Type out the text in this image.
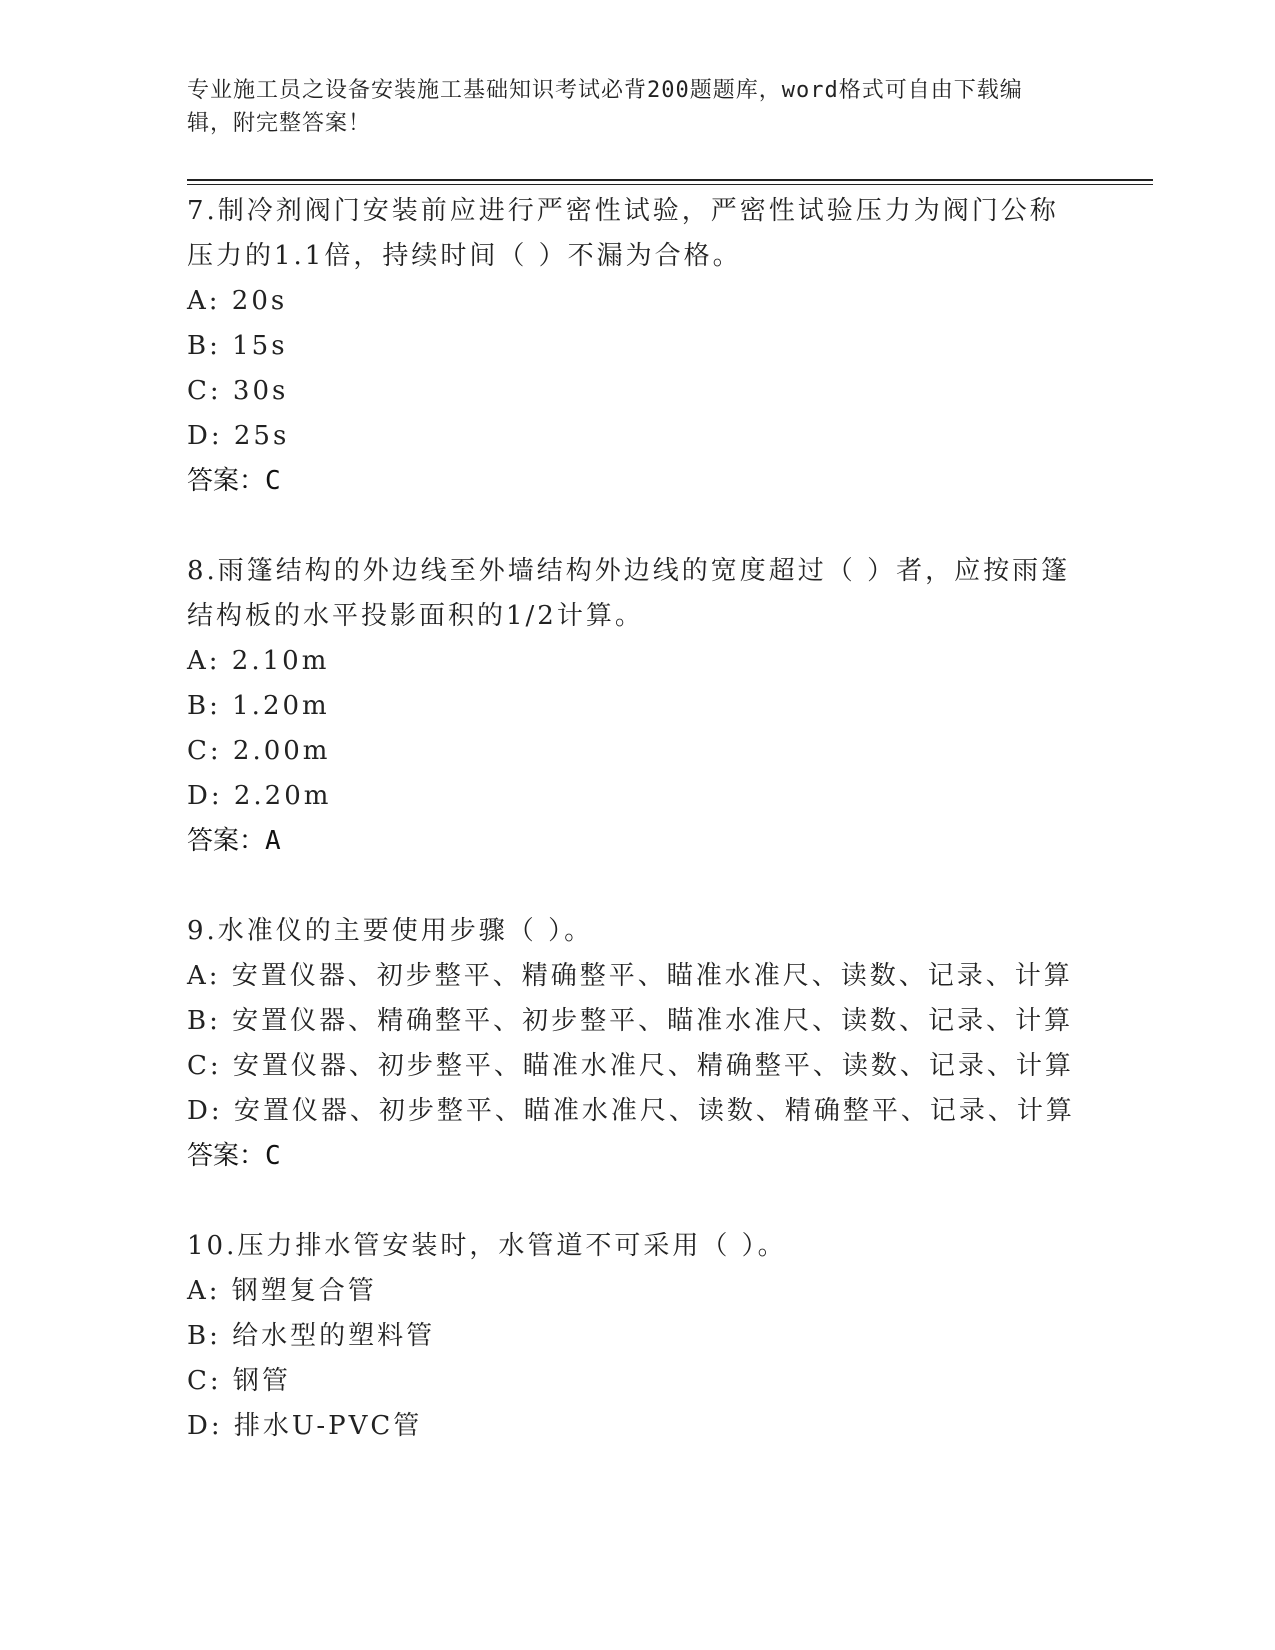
专业施工员之设备安装施工基础知识考试必背200题题库，word格式可自由下载编辑，附完整答案！

7.制冷剂阀门安装前应进行严密性试验，严密性试验压力为阀门公称压力的1.1倍，持续时间（ ）不漏为合格。

A: 20s

B: 15s

C: 30s

D: 25s

答案：C

8.雨篷结构的外边线至外墙结构外边线的宽度超过（ ）者，应按雨篷结构板的水平投影面积的1/2计算。

A: 2.10m

B: 1.20m

C: 2.00m

D: 2.20m

答案：A

9.水准仪的主要使用步骤（ ）。

A: 安置仪器、初步整平、精确整平、瞄准水准尺、读数、记录、计算

B: 安置仪器、精确整平、初步整平、瞄准水准尺、读数、记录、计算

C: 安置仪器、初步整平、瞄准水准尺、精确整平、读数、记录、计算

D: 安置仪器、初步整平、瞄准水准尺、读数、精确整平、记录、计算

答案：C

10.压力排水管安装时，水管道不可采用（ ）。

A: 钢塑复合管

B: 给水型的塑料管

C: 钢管

D: 排水U-PVC管
